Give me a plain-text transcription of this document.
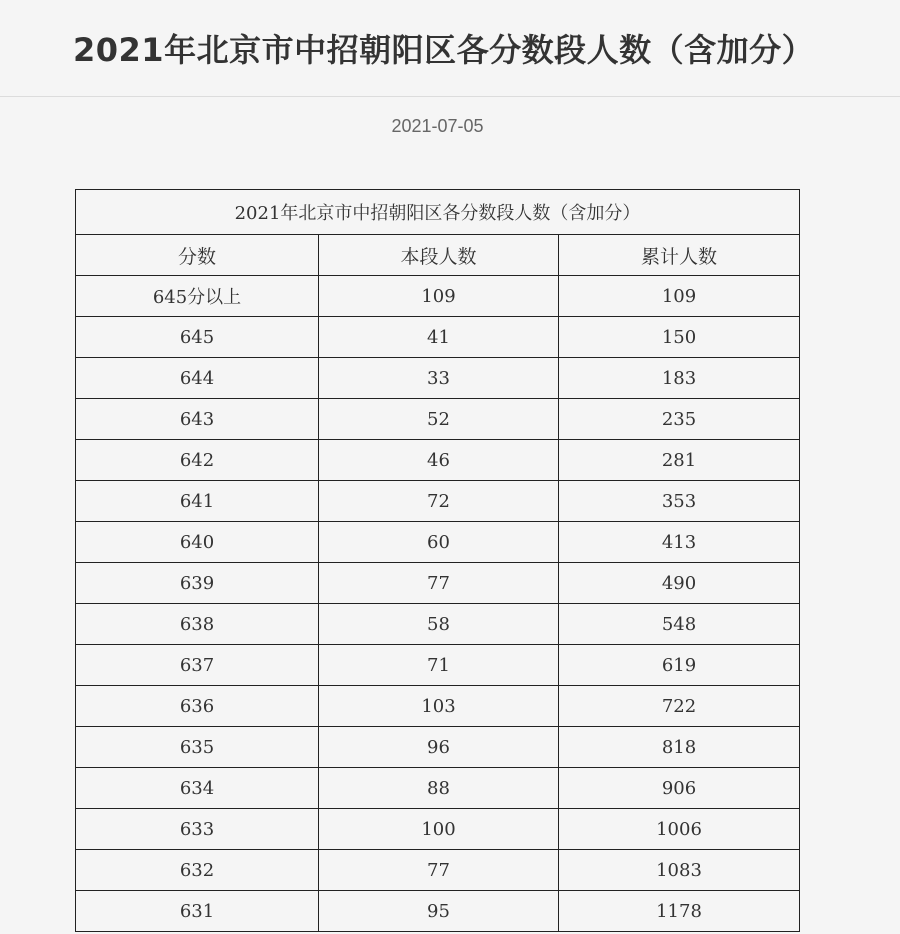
2021年北京市中招朝阳区各分数段人数（含加分）
2021-07-05
2021年北京市中招朝阳区各分数段人数（含加分）		
分数	本段人数	累计人数
645分以上	109	109
645	41	150
644	33	183
643	52	235
642	46	281
641	72	353
640	60	413
639	77	490
638	58	548
637	71	619
636	103	722
635	96	818
634	88	906
633	100	1006
632	77	1083
631	95	1178
